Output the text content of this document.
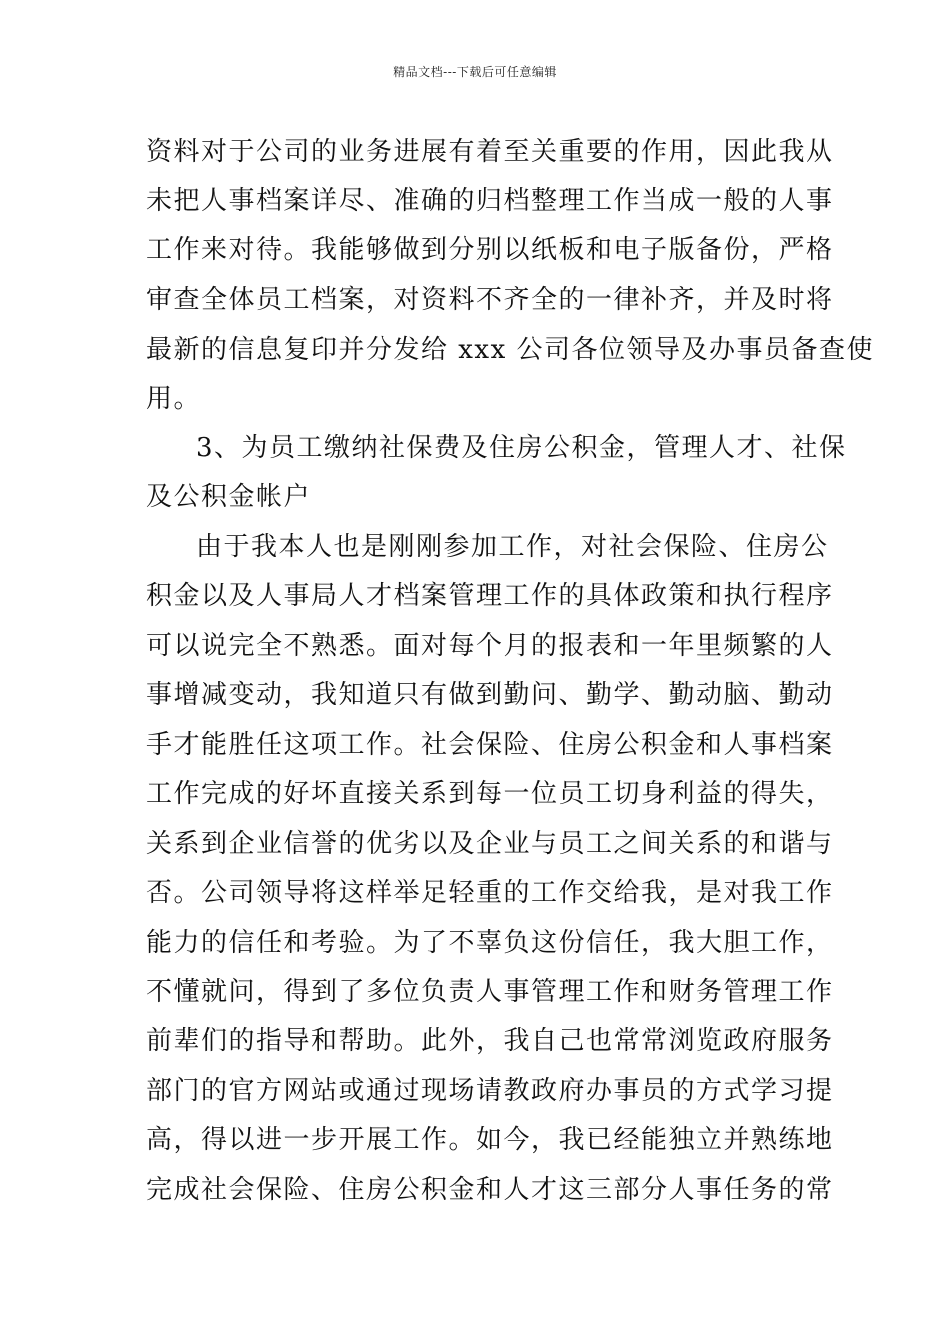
精品文档---下载后可任意编辑
资料对于公司的业务进展有着至关重要的作用，因此我从
未把人事档案详尽、准确的归档整理工作当成一般的人事
工作来对待。我能够做到分别以纸板和电子版备份，严格
审查全体员工档案，对资料不齐全的一律补齐，并及时将
最新的信息复印并分发给 xxx 公司各位领导及办事员备查使
用。
3、为员工缴纳社保费及住房公积金，管理人才、社保
及公积金帐户
由于我本人也是刚刚参加工作，对社会保险、住房公
积金以及人事局人才档案管理工作的具体政策和执行程序
可以说完全不熟悉。面对每个月的报表和一年里频繁的人
事增减变动，我知道只有做到勤问、勤学、勤动脑、勤动
手才能胜任这项工作。社会保险、住房公积金和人事档案
工作完成的好坏直接关系到每一位员工切身利益的得失，
关系到企业信誉的优劣以及企业与员工之间关系的和谐与
否。公司领导将这样举足轻重的工作交给我，是对我工作
能力的信任和考验。为了不辜负这份信任，我大胆工作，
不懂就问，得到了多位负责人事管理工作和财务管理工作
前辈们的指导和帮助。此外，我自己也常常浏览政府服务
部门的官方网站或通过现场请教政府办事员的方式学习提
高，得以进一步开展工作。如今，我已经能独立并熟练地
完成社会保险、住房公积金和人才这三部分人事任务的常
